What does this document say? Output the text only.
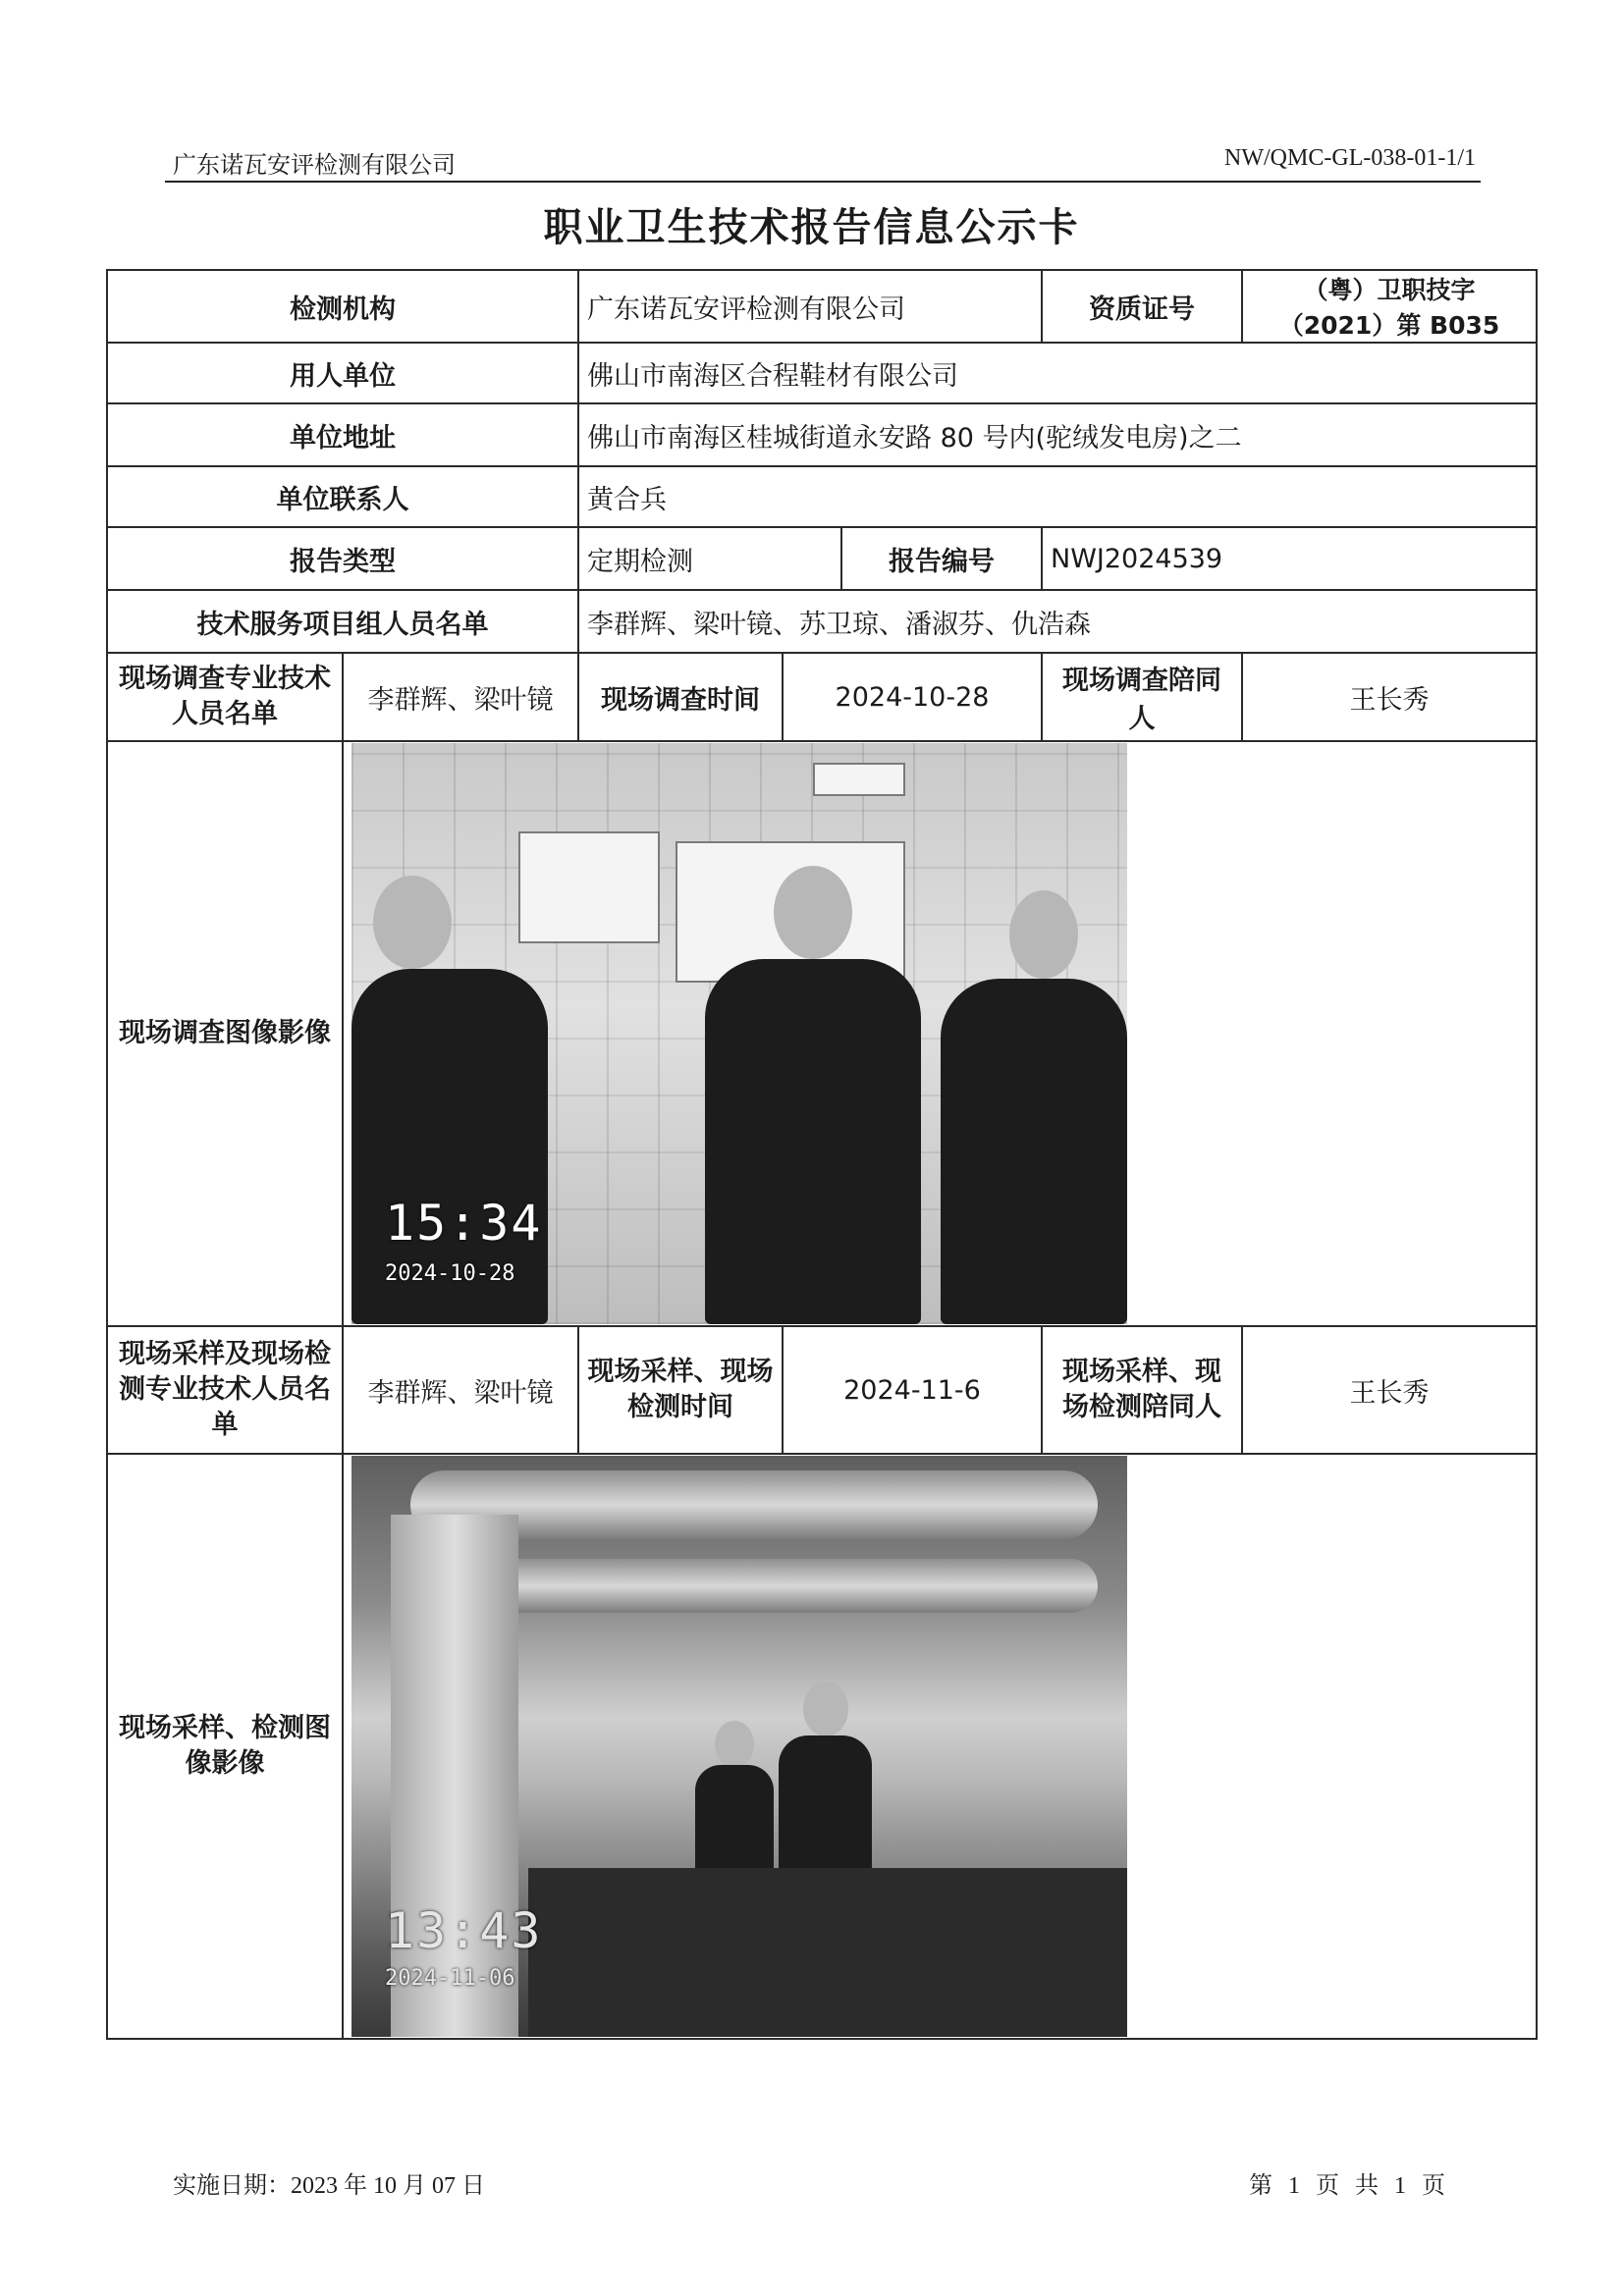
广东诺瓦安评检测有限公司	NW/QMC-GL-038-01-1/1
职业卫生技术报告信息公示卡
检测机构		广东诺瓦安评检测有限公司			资质证号	（粤）卫职技字（2021）第 B035
用人单位		佛山市南海区合程鞋材有限公司				
单位地址		佛山市南海区桂城街道永安路 80 号内(驼绒发电房)之二				
单位联系人		黄合兵				
报告类型		定期检测		报告编号	NWJ2024539	
技术服务项目组人员名单		李群辉、梁叶镜、苏卫琼、潘淑芬、仇浩森				
现场调查专业技术人员名单	李群辉、梁叶镜	现场调查时间	2024-10-28		现场调查陪同人	王长秀
现场调查图像影像	15:34
2024-10-28					

现场采样及现场检测专业技术人员名单	李群辉、梁叶镜	现场采样、现场检测时间	2024-11-6		现场采样、现场检测陪同人	王长秀
现场采样、检测图像影像	13:43
2024-11-06					
实施日期：2023 年 10 月 07 日	第 1 页 共 1 页
